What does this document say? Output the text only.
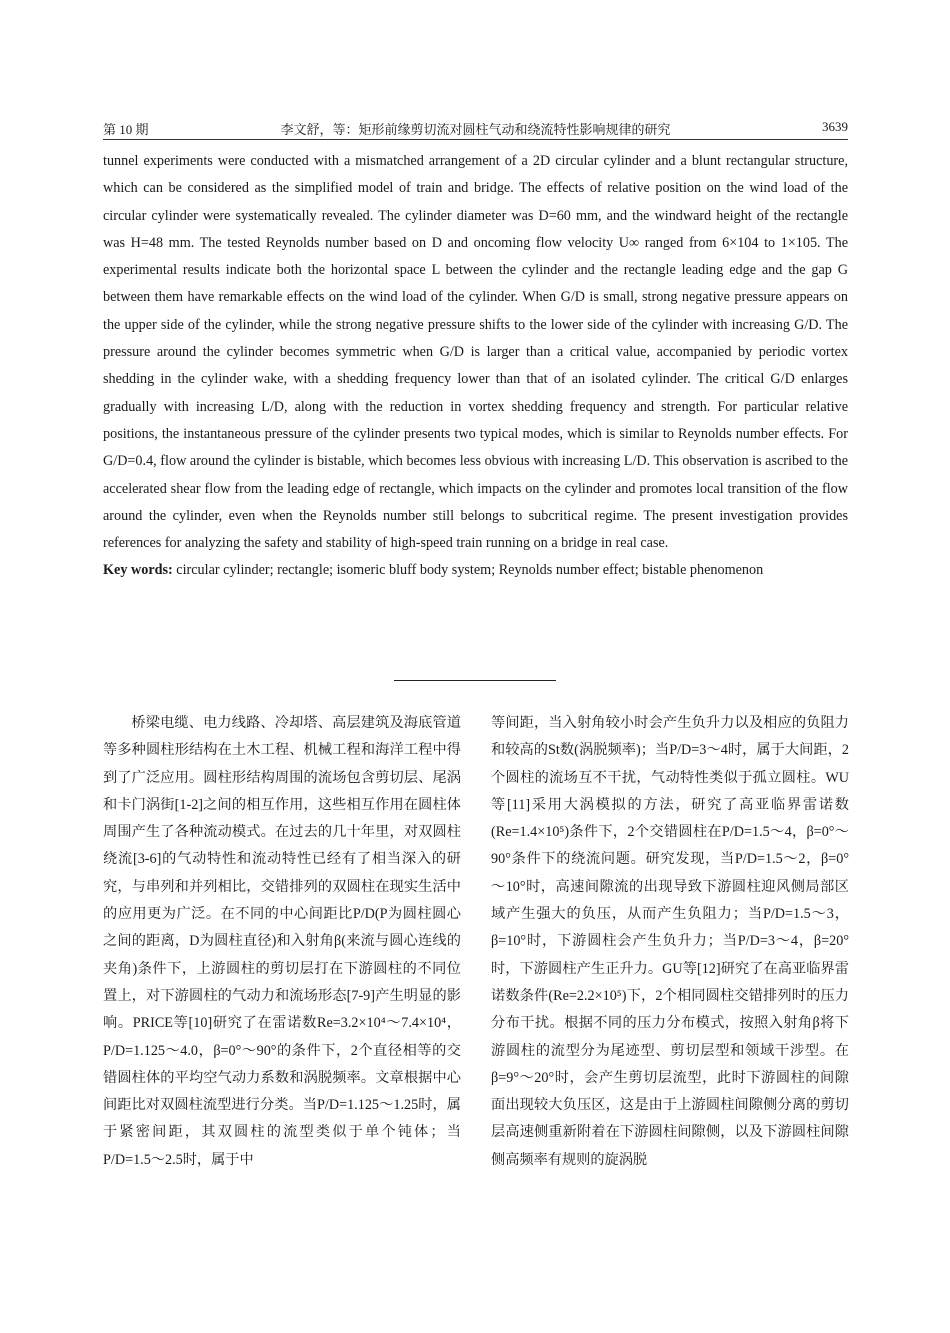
第 10 期	李文舒，等：矩形前缘剪切流对圆柱气动和绕流特性影响规律的研究	3639

tunnel experiments were conducted with a mismatched arrangement of a 2D circular cylinder and a blunt rectangular structure, which can be considered as the simplified model of train and bridge. The effects of relative position on the wind load of the circular cylinder were systematically revealed. The cylinder diameter was D=60 mm, and the windward height of the rectangle was H=48 mm. The tested Reynolds number based on D and oncoming flow velocity U∞ ranged from 6×104 to 1×105. The experimental results indicate both the horizontal space L between the cylinder and the rectangle leading edge and the gap G between them have remarkable effects on the wind load of the cylinder. When G/D is small, strong negative pressure appears on the upper side of the cylinder, while the strong negative pressure shifts to the lower side of the cylinder with increasing G/D. The pressure around the cylinder becomes symmetric when G/D is larger than a critical value, accompanied by periodic vortex shedding in the cylinder wake, with a shedding frequency lower than that of an isolated cylinder. The critical G/D enlarges gradually with increasing L/D, along with the reduction in vortex shedding frequency and strength. For particular relative positions, the instantaneous pressure of the cylinder presents two typical modes, which is similar to Reynolds number effects. For G/D=0.4, flow around the cylinder is bistable, which becomes less obvious with increasing L/D. This observation is ascribed to the accelerated shear flow from the leading edge of rectangle, which impacts on the cylinder and promotes local transition of the flow around the cylinder, even when the Reynolds number still belongs to subcritical regime. The present investigation provides references for analyzing the safety and stability of high-speed train running on a bridge in real case.

Key words: circular cylinder; rectangle; isomeric bluff body system; Reynolds number effect; bistable phenomenon

桥梁电缆、电力线路、冷却塔、高层建筑及海底管道等多种圆柱形结构在土木工程、机械工程和海洋工程中得到了广泛应用。圆柱形结构周围的流场包含剪切层、尾涡和卡门涡街[1-2]之间的相互作用，这些相互作用在圆柱体周围产生了各种流动模式。在过去的几十年里，对双圆柱绕流[3-6]的气动特性和流动特性已经有了相当深入的研究，与串列和并列相比，交错排列的双圆柱在现实生活中的应用更为广泛。在不同的中心间距比P/D(P为圆柱圆心之间的距离，D为圆柱直径)和入射角β(来流与圆心连线的夹角)条件下，上游圆柱的剪切层打在下游圆柱的不同位置上，对下游圆柱的气动力和流场形态[7-9]产生明显的影响。PRICE等[10]研究了在雷诺数Re=3.2×10⁴～7.4×10⁴，P/D=1.125～4.0，β=0°～90°的条件下，2个直径相等的交错圆柱体的平均空气动力系数和涡脱频率。文章根据中心间距比对双圆柱流型进行分类。当P/D=1.125～1.25时，属于紧密间距，其双圆柱的流型类似于单个钝体；当P/D=1.5～2.5时，属于中

等间距，当入射角较小时会产生负升力以及相应的负阻力和较高的St数(涡脱频率)；当P/D=3～4时，属于大间距，2个圆柱的流场互不干扰，气动特性类似于孤立圆柱。WU等[11]采用大涡模拟的方法，研究了高亚临界雷诺数(Re=1.4×10⁵)条件下，2个交错圆柱在P/D=1.5～4，β=0°～90°条件下的绕流问题。研究发现，当P/D=1.5～2，β=0°～10°时，高速间隙流的出现导致下游圆柱迎风侧局部区域产生强大的负压，从而产生负阻力；当P/D=1.5～3，β=10°时，下游圆柱会产生负升力；当P/D=3～4，β=20°时，下游圆柱产生正升力。GU等[12]研究了在高亚临界雷诺数条件(Re=2.2×10⁵)下，2个相同圆柱交错排列时的压力分布干扰。根据不同的压力分布模式，按照入射角β将下游圆柱的流型分为尾迹型、剪切层型和领域干涉型。在β=9°～20°时，会产生剪切层流型，此时下游圆柱的间隙面出现较大负压区，这是由于上游圆柱间隙侧分离的剪切层高速侧重新附着在下游圆柱间隙侧，以及下游圆柱间隙侧高频率有规则的旋涡脱
